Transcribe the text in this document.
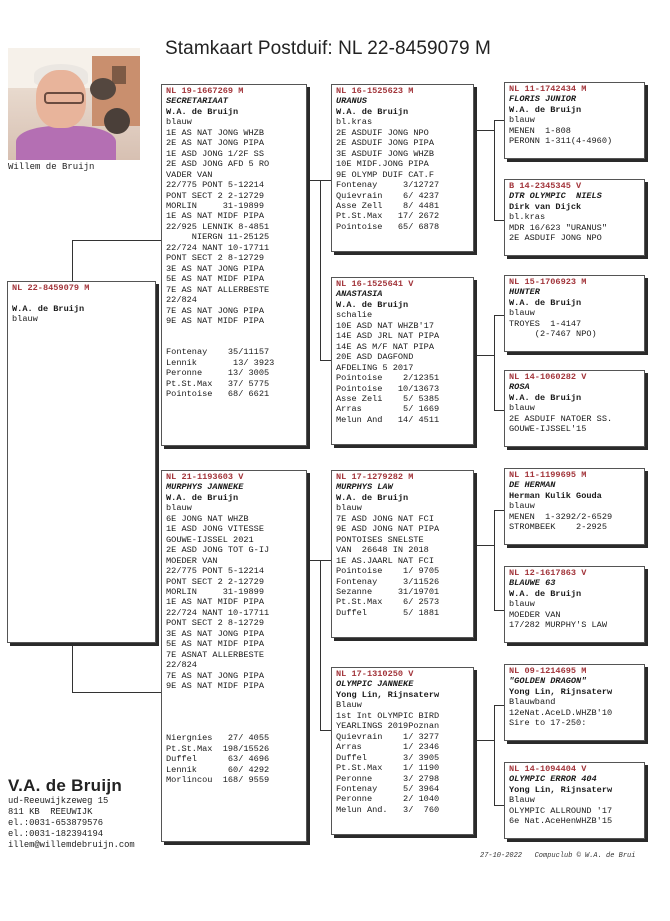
Stamkaart Postduif: NL 22-8459079 M
Willem de Bruijn
NL 22-8459079 M

W.A. de Bruijn
blauw
NL 19-1667269 M
SECRETARIAAT
W.A. de Bruijn
blauw
1E AS NAT JONG WHZB
2E AS NAT JONG PIPA
1E ASD JONG 1/2F SS
2E ASD JONG AFD 5 RO
VADER VAN
22/775 PONT 5-12214
PONT SECT 2 2-12729
MORLIN     31-19899
1E AS NAT MIDF PIPA
22/925 LENNIK 8-4851
NIERGN 11-25125
22/724 NANT 10-17711
PONT SECT 2 8-12729
3E AS NAT JONG PIPA
5E AS NAT MIDF PIPA
7E AS NAT ALLERBESTE
22/824
7E AS NAT JONG PIPA
9E AS NAT MIDF PIPA

Fontenay    35/11157
Lennik       13/ 3923
Peronne     13/ 3005
Pt.St.Max   37/ 5775
Pointoise   68/ 6621
NL 21-1193603 V
MURPHYS JANNEKE
W.A. de Bruijn
blauw
6E JONG NAT WHZB
1E ASD JONG VITESSE
GOUWE-IJSSEL 2021
2E ASD JONG TOT G-IJ
MOEDER VAN
22/775 PONT 5-12214
PONT SECT 2 2-12729
MORLIN     31-19899
1E AS NAT MIDF PIPA
22/724 NANT 10-17711
PONT SECT 2 8-12729
3E AS NAT JONG PIPA
5E AS NAT MIDF PIPA
7E ASNAT ALLERBESTE
22/824
7E AS NAT JONG PIPA
9E AS NAT MIDF PIPA

Niergnies   27/ 4055
Pt.St.Max  198/15526
Duffel      63/ 4696
Lennik      60/ 4292
Morlincou  168/ 9559
NL 16-1525623 M
URANUS
W.A. de Bruijn
bl.kras
2E ASDUIF JONG NPO
2E ASDUIF JONG PIPA
3E ASDUIF JONG WHZB
10E MIDF.JONG PIPA
9E OLYMP DUIF CAT.F
Fontenay     3/12727
Quievrain    6/ 4237
Asse Zell    8/ 4481
Pt.St.Max   17/ 2672
Pointoise   65/ 6878
NL 16-1525641 V
ANASTASIA
W.A. de Bruijn
schalie
10E ASD NAT WHZB'17
14E ASD JRL NAT PIPA
14E AS M/F NAT PIPA
20E ASD DAGFOND
AFDELING 5 2017
Pointoise    2/12351
Pointoise   10/13673
Asse Zeli    5/ 5385
Arras        5/ 1669
Melun And   14/ 4511
NL 17-1279282 M
MURPHYS LAW
W.A. de Bruijn
blauw
7E ASD JONG NAT FCI
9E ASD JONG NAT PIPA
PONTOISES SNELSTE
VAN  26648 IN 2018
1E AS.JAARL NAT FCI
Pointoise    1/ 9705
Fontenay     3/11526
Sezanne     31/19701
Pt.St.Max    6/ 2573
Duffel       5/ 1881
NL 17-1310250 V
OLYMPIC JANNEKE
Yong Lin, Rijnsaterw
Blauw
1st Int OLYMPIC BIRD
YEARLINGS 2019Poznan
Quievrain    1/ 3277
Arras        1/ 2346
Duffel       3/ 3905
Pt.St.Max    1/ 1190
Peronne      3/ 2798
Fontenay     5/ 3964
Peronne      2/ 1040
Melun And.   3/  760
NL 11-1742434 M
FLORIS JUNIOR
W.A. de Bruijn
blauw
MENEN  1-808
PERONN 1-311(4-4960)
B 14-2345345 V
DTR OLYMPIC  NIELS
Dirk van Dijck
bl.kras
MDR 16/623 "URANUS"
2E ASDUIF JONG NPO
NL 15-1706923 M
HUNTER
W.A. de Bruijn
blauw
TROYES  1-4147
(2-7467 NPO)
NL 14-1060282 V
ROSA
W.A. de Bruijn
blauw
2E ASDUIF NATOER SS.
GOUWE-IJSSEL'15
NL 11-1199695 M
DE HERMAN
Herman Kulik Gouda
blauw
MENEN  1-3292/2-6529
STROMBEEK    2-2925
NL 12-1617863 V
BLAUWE 63
W.A. de Bruijn
blauw
MOEDER VAN
17/282 MURPHY'S LAW
NL 09-1214695 M
"GOLDEN DRAGON"
Yong Lin, Rijnsaterw
Blauwband
12eNat.AceLD.WHZB'10
Sire to 17-250:
NL 14-1094404 V
OLYMPIC ERROR 404
Yong Lin, Rijnsaterw
Blauw
OLYMPIC ALLROUND '17
6e Nat.AceHenWHZB'15
V.A. de Bruijn
ud-Reeuwijkzeweg 15
811 KB  REEUWIJK
el.:0031-653879576
el.:0031-182394194
illem@willemdebruijn.com
27-10-2022   Compuclub © W.A. de Brui
